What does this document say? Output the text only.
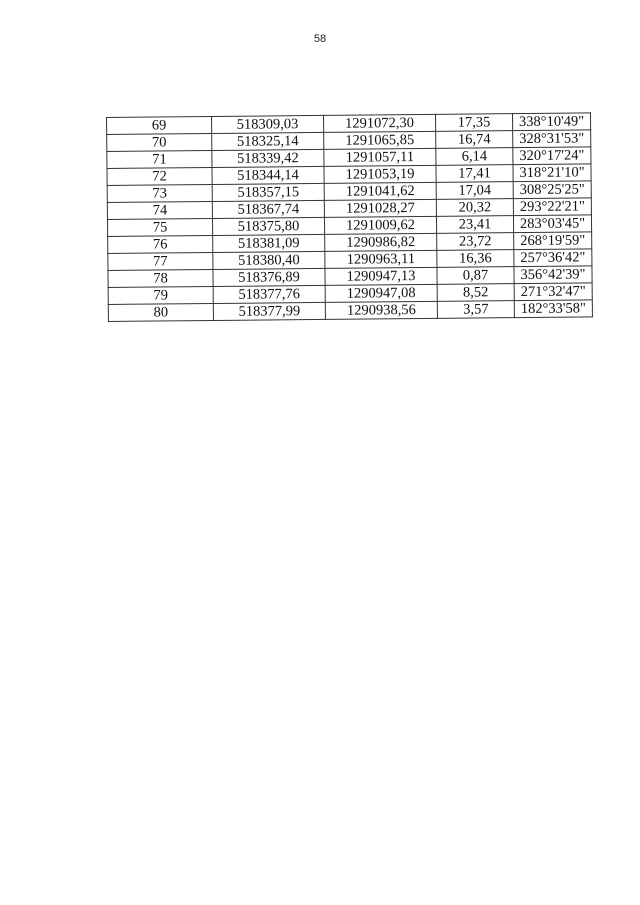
58
69	518309,03	1291072,30	17,35	338°10'49"
70	518325,14	1291065,85	16,74	328°31'53"
71	518339,42	1291057,11	6,14	320°17'24"
72	518344,14	1291053,19	17,41	318°21'10"
73	518357,15	1291041,62	17,04	308°25'25"
74	518367,74	1291028,27	20,32	293°22'21"
75	518375,80	1291009,62	23,41	283°03'45"
76	518381,09	1290986,82	23,72	268°19'59"
77	518380,40	1290963,11	16,36	257°36'42"
78	518376,89	1290947,13	0,87	356°42'39"
79	518377,76	1290947,08	8,52	271°32'47"
80	518377,99	1290938,56	3,57	182°33'58"
